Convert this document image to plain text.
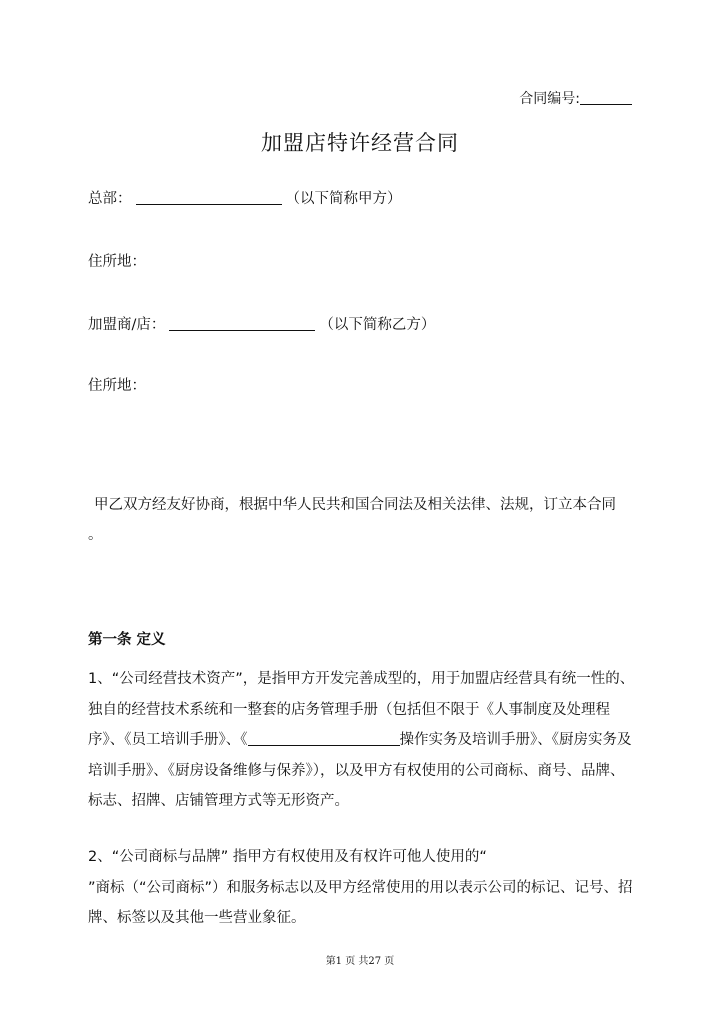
合同编号:
加盟店特许经营合同
总部：	（以下简称甲方）
住所地：
加盟商/店：	（以下简称乙方）
住所地：
甲乙双方经友好协商，根据中华人民共和国合同法及相关法律、法规，订立本合同
。
第一条 定义
1、“公司经营技术资产”，是指甲方开发完善成型的，用于加盟店经营具有统一性的、独自的经营技术系统和一整套的店务管理手册（包括但不限于《人事制度及处理程序》、《员工培训手册》、《	操作实务及培训手册》、《厨房实务及培训手册》、《厨房设备维修与保养》），以及甲方有权使用的公司商标、商号、品牌、标志、招牌、店铺管理方式等无形资产。
2、“公司商标与品牌” 指甲方有权使用及有权许可他人使用的“
”商标（“公司商标”）和服务标志以及甲方经常使用的用以表示公司的标记、记号、招牌、标签以及其他一些营业象征。
第1 页 共27 页
